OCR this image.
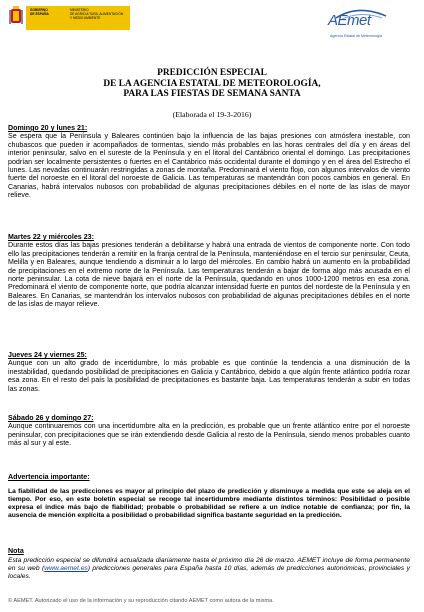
GOBIERNO
DE ESPAÑA
MINISTERIO
DE AGRICULTURA, ALIMENTACIÓN
Y MEDIO AMBIENTE	AEmet
Agencia Estatal de Meteorología
PREDICCIÓN ESPECIAL
DE LA AGENCIA ESTATAL DE METEOROLOGÍA,
PARA LAS FIESTAS DE SEMANA SANTA
(Elaborada el 19-3-2016)

Domingo 20 y lunes 21:

Se espera que la Península y Baleares continúen bajo la influencia de las bajas presiones con atmósfera inestable, con chubascos que pueden ir acompañados de tormentas, siendo más probables en las horas centrales del día y en áreas del interior peninsular, salvo en el sureste de la Península y en el litoral del Cantábrico oriental el domingo. Las precipitaciones podrían ser localmente persistentes o fuertes en el Cantábrico más occidental durante el domingo y en el área del Estrecho el lunes. Las nevadas continuarán restringidas a zonas de montaña. Predominará el viento flojo, con algunos intervalos de viento fuerte del noroeste en el litoral del noroeste de Galicia. Las temperaturas se mantendrán con pocos cambios en general. En Canarias, habrá intervalos nubosos con probabilidad de algunas precipitaciones débiles en el norte de las islas de mayor relieve.

Martes 22 y miércoles 23:

Durante estos días las bajas presiones tenderán a debilitarse y habrá una entrada de vientos de componente norte. Con todo ello las precipitaciones tenderán a remitir en la franja central de la Península, manteniéndose en el tercio sur peninsular, Ceuta, Melilla y en Baleares, aunque tendiendo a disminuir a lo largo del miércoles. En cambio habrá un aumento en la probabilidad de precipitaciones en el extremo norte de la Península. Las temperaturas tenderán a bajar de forma algo más acusada en el norte peninsular. La cota de nieve bajará en el norte de la Península, quedando en unos 1000-1200 metros en esa zona. Predominará el viento de componente norte, que podría alcanzar intensidad fuerte en puntos del nordeste de la Península y en Baleares. En Canarias, se mantendrán los intervalos nubosos con probabilidad de algunas precipitaciones débiles en el norte de las islas de mayor relieve.

Jueves 24 y viernes 25:

Aunque con un alto grado de incertidumbre, lo más probable es que continúe la tendencia a una disminución de la inestabilidad, quedando posibilidad de precipitaciones en Galicia y Cantábrico, debido a que algún frente atlántico podría rozar esa zona. En el resto del país la posibilidad de precipitaciones es bastante baja. Las temperaturas tenderán a subir en todas las zonas.

Sábado 26 y domingo 27:

Aunque continuaremos con una incertidumbre alta en la predicción, es probable que un frente atlántico entre por el noroeste peninsular, con precipitaciones que se irán extendiendo desde Galicia al resto de la Península, siendo menos probables cuanto más al sur y al este.

Advertencia importante:

La fiabilidad de las predicciones es mayor al principio del plazo de predicción y disminuye a medida que este se aleja en el tiempo. Por eso, en este boletín especial se recoge tal incertidumbre mediante distintos términos: Posibilidad o posible expresa el índice más bajo de fiabilidad; probable o probabilidad se refiere a un índice notable de confianza; por fin, la ausencia de mención explícita a posibilidad o probabilidad significa bastante seguridad en la predicción.

Nota

Esta predicción especial se difundirá actualizada diariamente hasta el próximo día 26 de marzo. AEMET incluye de forma permanente en su web (www.aemet.es) predicciones generales para España hasta 10 días, además de predicciones autonómicas, provinciales y locales.

© AEMET. Autorizado el uso de la información y su reproducción citando AEMET como autora de la misma.
